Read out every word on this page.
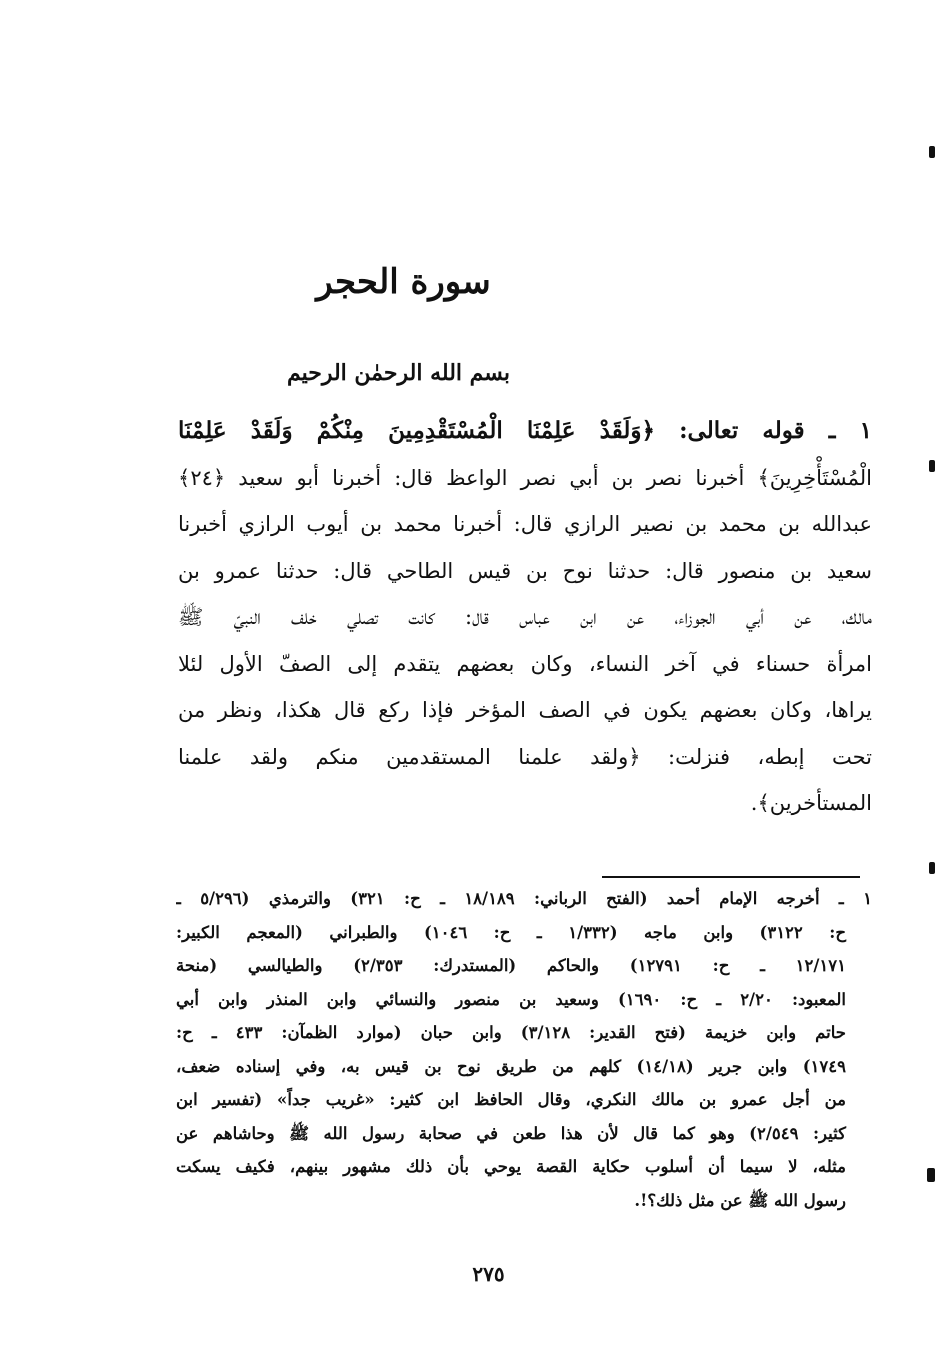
سورة الحجر
بسم الله الرحمٰن الرحيم
١ ـ قوله تعالى: ﴿وَلَقَدْ عَلِمْنَا الْمُسْتَقْدِمِينَ مِنْكُمْ وَلَقَدْ عَلِمْنَا
الْمُسْتَأْخِرِينَ﴾ أخبرنا نصر بن أبي نصر الواعظ قال: أخبرنا أبو سعيد ﴿٢٤﴾
عبدالله بن محمد بن نصير الرازي قال: أخبرنا محمد بن أيوب الرازي أخبرنا
سعيد بن منصور قال: حدثنا نوح بن قيس الطاحي قال: حدثنا عمرو بن
مالك، عن أبي الجوزاء، عن ابن عباس قال: كانت تصلي خلف النبيّ ﷺ
امرأة حسناء في آخر النساء، وكان بعضهم يتقدم إلى الصفّ الأول لئلا
يراها، وكان بعضهم يكون في الصف المؤخر فإذا ركع قال هكذا، ونظر من
تحت إبطه، فنزلت: ﴿ولقد علمنا المستقدمين منكم ولقد علمنا
المستأخرين﴾.
١ ـ أخرجه الإمام أحمد (الفتح الرباني: ١٨/١٨٩ ـ ح: ٣٢١) والترمذي (٥/٢٩٦ ـ
ح: ٣١٢٢) وابن ماجه (١/٣٣٢ ـ ح: ١٠٤٦) والطبراني (المعجم الكبير:
١٢/١٧١ ـ ح: ١٢٧٩١) والحاكم (المستدرك: ٢/٣٥٣) والطيالسي (منحة
المعبود: ٢/٢٠ ـ ح: ١٦٩٠) وسعيد بن منصور والنسائي وابن المنذر وابن أبي
حاتم وابن خزيمة (فتح القدير: ٣/١٢٨) وابن حبان (موارد الظمآن: ٤٣٣ ـ ح:
١٧٤٩) وابن جرير (١٤/١٨) كلهم من طريق نوح بن قيس به، وفي إسناده ضعف،
من أجل عمرو بن مالك النكري، وقال الحافظ ابن كثير: «غريب جداً» (تفسير ابن
كثير: ٢/٥٤٩) وهو كما قال لأن هذا طعن في صحابة رسول الله ﷺ وحاشاهم عن
مثله، لا سيما أن أسلوب حكاية القصة يوحي بأن ذلك مشهور بينهم، فكيف يسكت
رسول الله ﷺ عن مثل ذلك؟!.
٢٧٥
